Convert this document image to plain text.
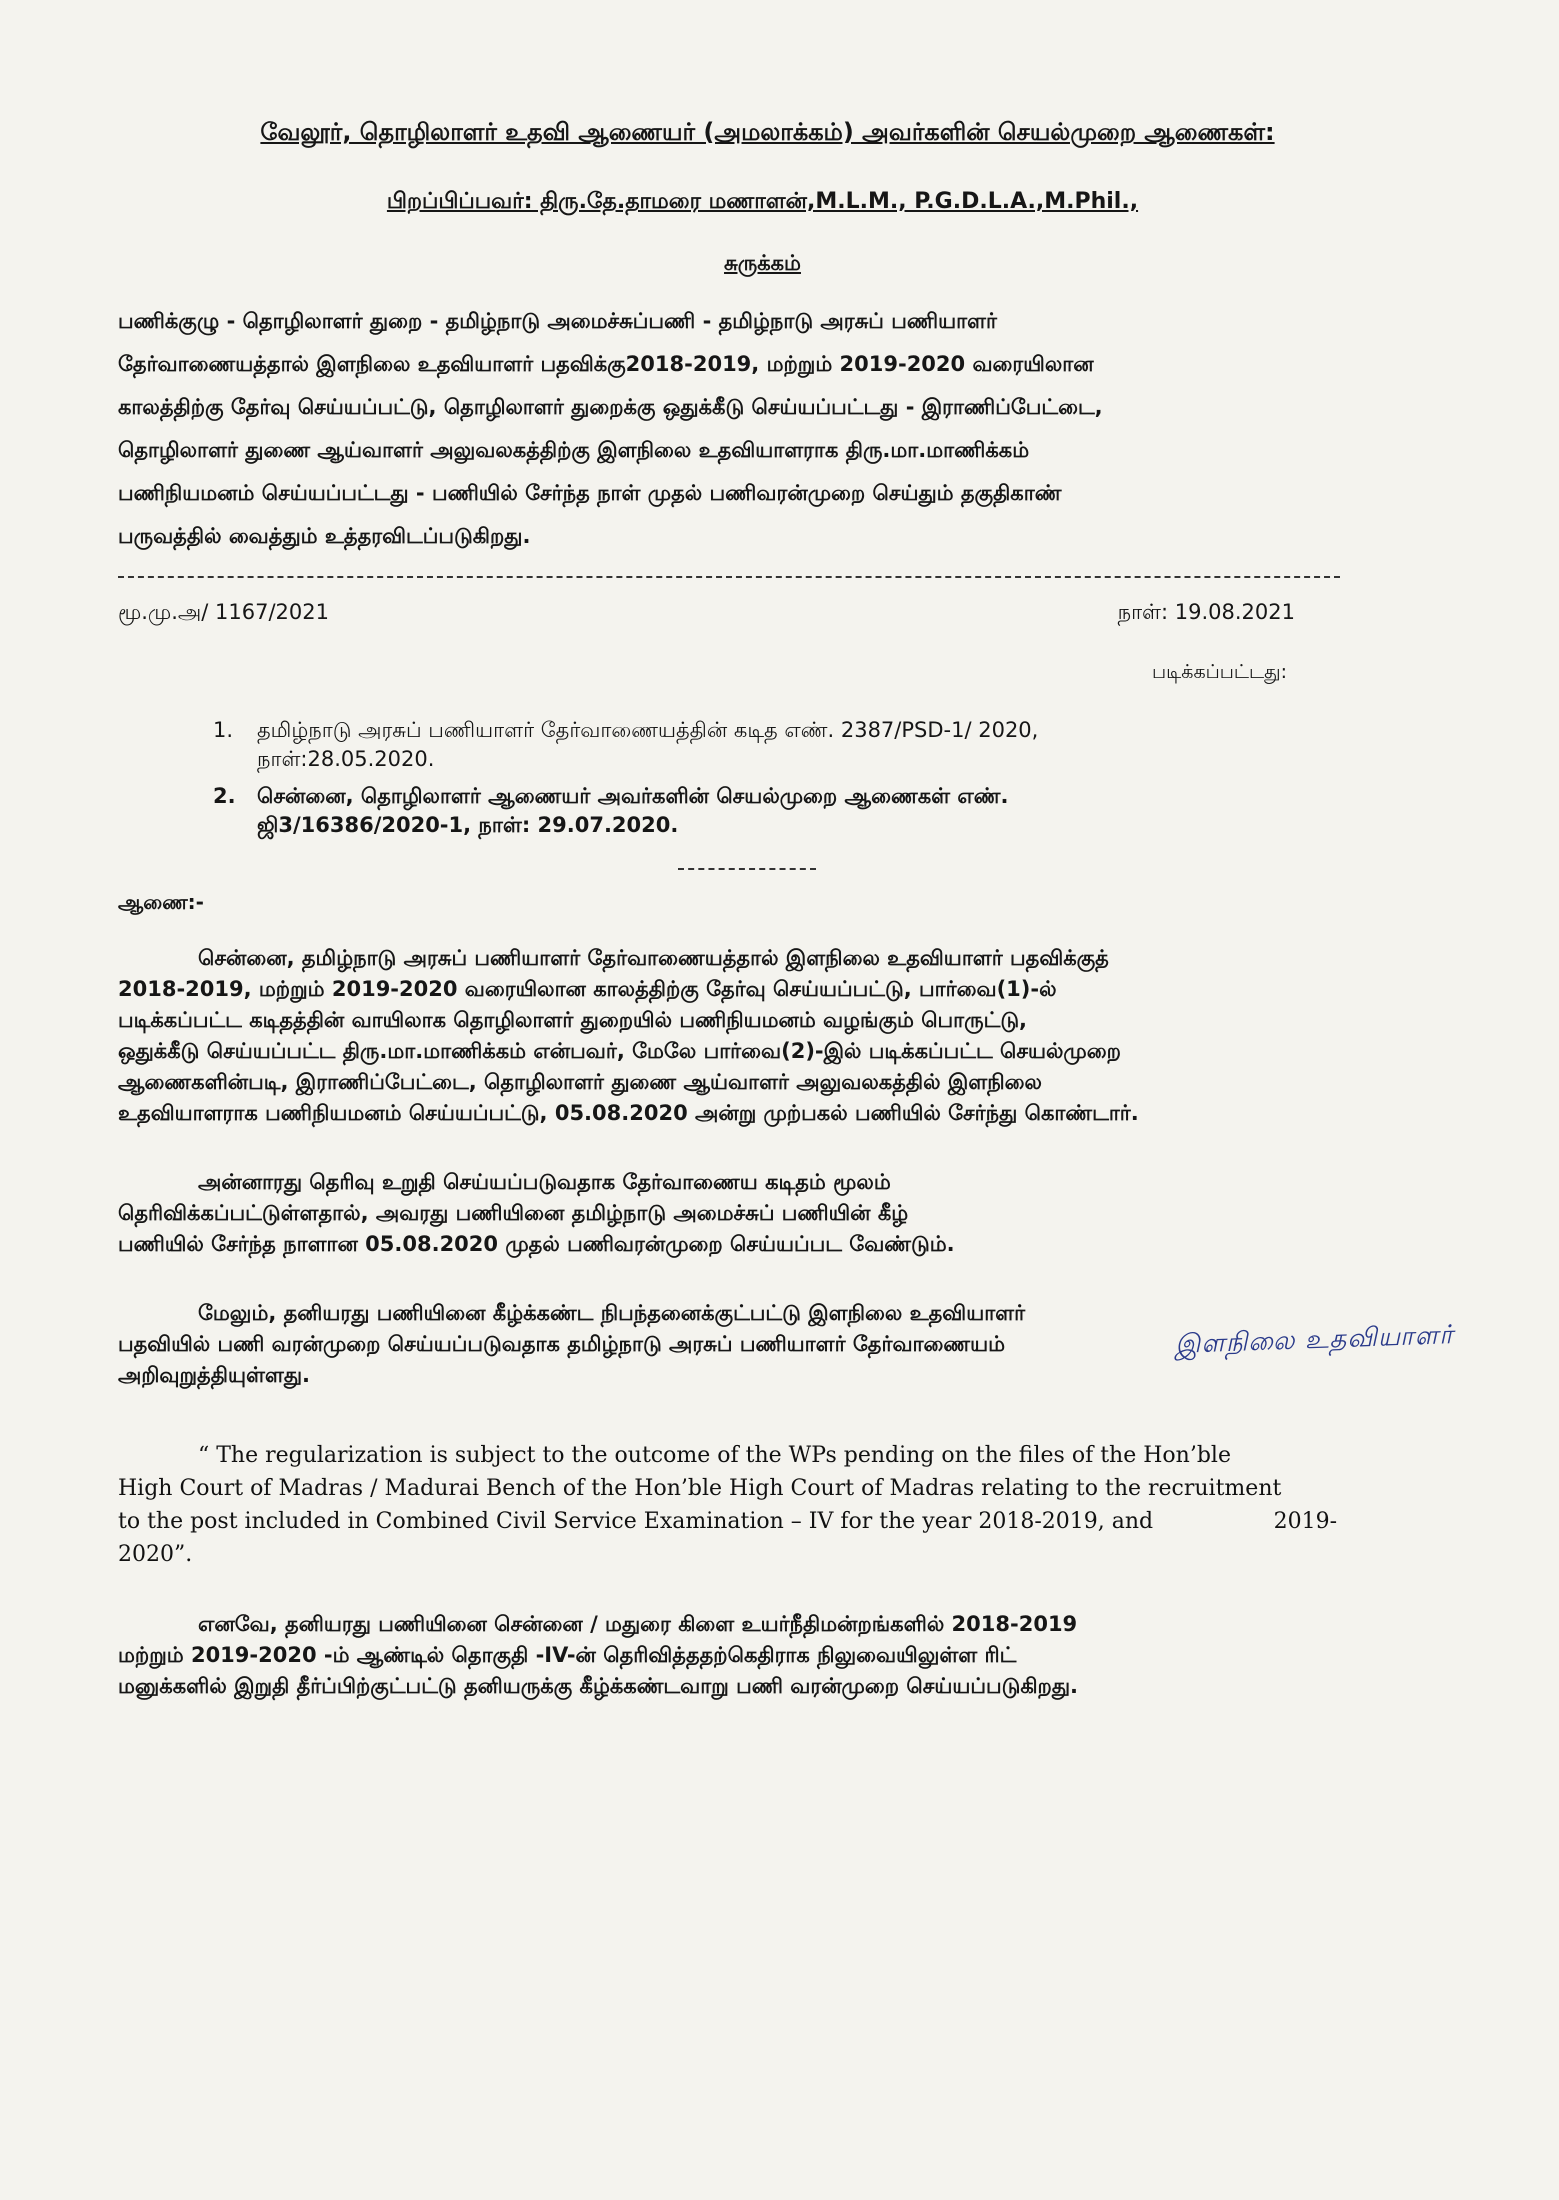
வேலூர், தொழிலாளர் உதவி ஆணையர் (அமலாக்கம்) அவர்களின் செயல்முறை ஆணைகள்:
பிறப்பிப்பவர்: திரு.தே.தாமரை மணாளன்,M.L.M., P.G.D.L.A.,M.Phil.,
சுருக்கம்
பணிக்குழு - தொழிலாளர் துறை - தமிழ்நாடு அமைச்சுப்பணி - தமிழ்நாடு அரசுப் பணியாளர்
தேர்வாணையத்தால் இளநிலை உதவியாளர் பதவிக்கு2018-2019, மற்றும் 2019-2020 வரையிலான
காலத்திற்கு தேர்வு செய்யப்பட்டு, தொழிலாளர் துறைக்கு ஒதுக்கீடு செய்யப்பட்டது - இராணிப்பேட்டை,
தொழிலாளர் துணை ஆய்வாளர் அலுவலகத்திற்கு இளநிலை உதவியாளராக திரு.மா.மாணிக்கம்
பணிநியமனம் செய்யப்பட்டது - பணியில் சேர்ந்த நாள் முதல் பணிவரன்முறை செய்தும் தகுதிகாண்
பருவத்தில் வைத்தும் உத்தரவிடப்படுகிறது.
மூ.மு.அ/ 1167/2021	நாள்: 19.08.2021
படிக்கப்பட்டது:
1.	தமிழ்நாடு அரசுப் பணியாளர் தேர்வாணையத்தின் கடித எண். 2387/PSD-1/ 2020,
நாள்:28.05.2020.
2.	சென்னை, தொழிலாளர் ஆணையர் அவர்களின் செயல்முறை ஆணைகள் எண்.
ஜி3/16386/2020-1, நாள்: 29.07.2020.
ஆணை:-
சென்னை, தமிழ்நாடு அரசுப் பணியாளர் தேர்வாணையத்தால் இளநிலை உதவியாளர் பதவிக்குத்
2018-2019, மற்றும் 2019-2020 வரையிலான காலத்திற்கு தேர்வு செய்யப்பட்டு, பார்வை(1)-ல்
படிக்கப்பட்ட கடிதத்தின் வாயிலாக தொழிலாளர் துறையில் பணிநியமனம் வழங்கும் பொருட்டு,
ஒதுக்கீடு செய்யப்பட்ட திரு.மா.மாணிக்கம் என்பவர், மேலே பார்வை(2)-இல் படிக்கப்பட்ட செயல்முறை
ஆணைகளின்படி, இராணிப்பேட்டை, தொழிலாளர் துணை ஆய்வாளர் அலுவலகத்தில் இளநிலை
உதவியாளராக பணிநியமனம் செய்யப்பட்டு, 05.08.2020 அன்று முற்பகல் பணியில் சேர்ந்து கொண்டார்.
அன்னாரது தெரிவு உறுதி செய்யப்படுவதாக தேர்வாணைய கடிதம் மூலம்
தெரிவிக்கப்பட்டுள்ளதால், அவரது பணியினை தமிழ்நாடு அமைச்சுப் பணியின் கீழ்
பணியில் சேர்ந்த நாளான 05.08.2020 முதல் பணிவரன்முறை செய்யப்பட வேண்டும்.
மேலும், தனியரது பணியினை கீழ்க்கண்ட நிபந்தனைக்குட்பட்டு இளநிலை உதவியாளர்
பதவியில் பணி வரன்முறை செய்யப்படுவதாக தமிழ்நாடு அரசுப் பணியாளர் தேர்வாணையம்
அறிவுறுத்தியுள்ளது.
“ The regularization is subject to the outcome of the WPs pending on the files of the Hon’ble
High Court of Madras / Madurai Bench of the Hon’ble High Court of Madras relating to the recruitment
to the post included in Combined Civil Service Examination – IV for the year 2018-2019, and	2019-
2020”.
எனவே, தனியரது பணியினை சென்னை / மதுரை கிளை உயர்நீதிமன்றங்களில் 2018-2019
மற்றும் 2019-2020 -ம் ஆண்டில் தொகுதி -IV-ன் தெரிவித்ததற்கெதிராக நிலுவையிலுள்ள ரிட்
மனுக்களில் இறுதி தீர்ப்பிற்குட்பட்டு தனியருக்கு கீழ்க்கண்டவாறு பணி வரன்முறை செய்யப்படுகிறது.
இளநிலை உதவியாளர்
